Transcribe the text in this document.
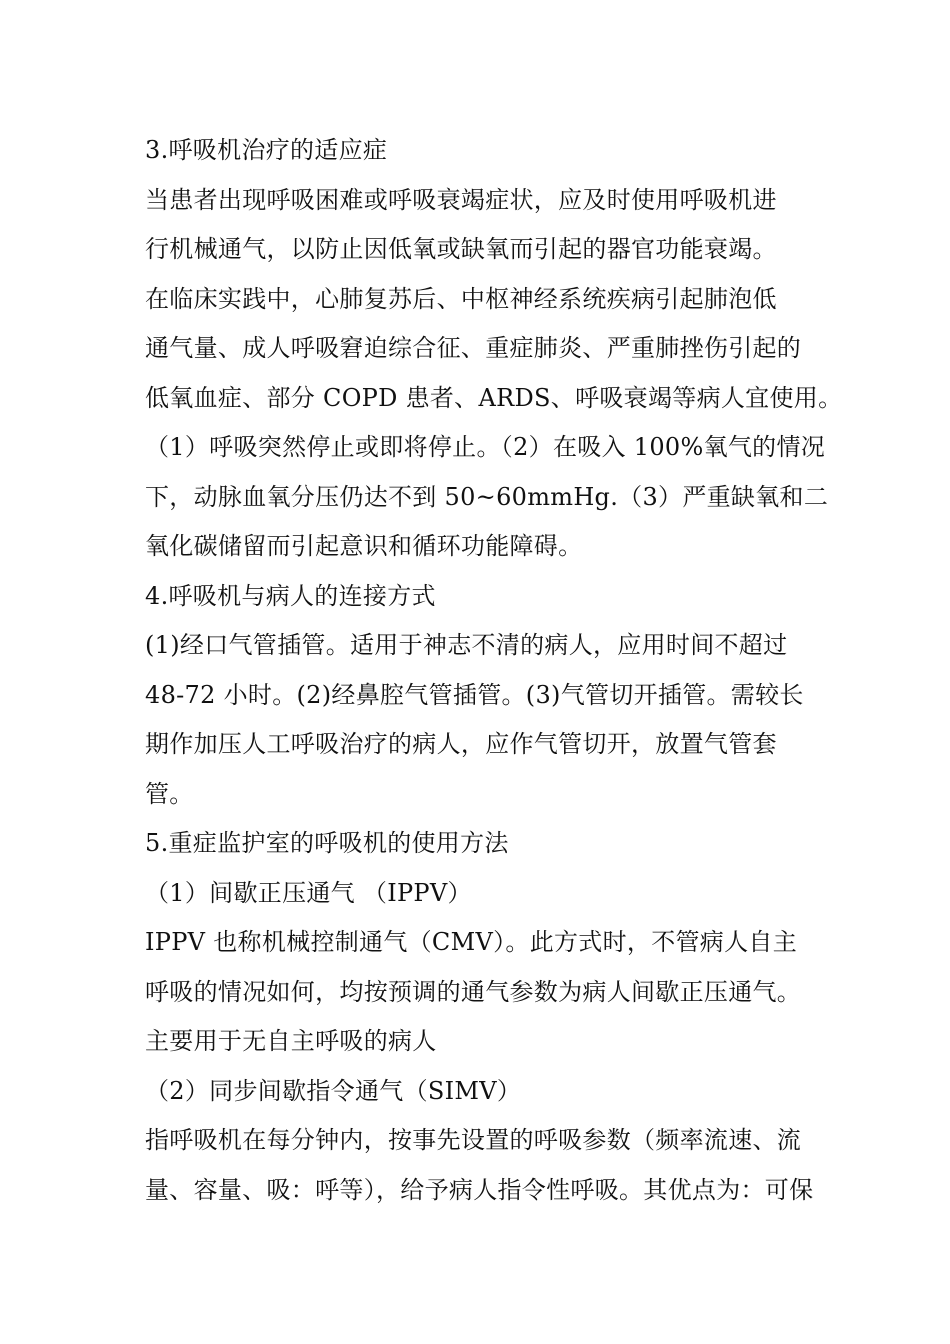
3.呼吸机治疗的适应症
当患者出现呼吸困难或呼吸衰竭症状，应及时使用呼吸机进
行机械通气，以防止因低氧或缺氧而引起的器官功能衰竭。
在临床实践中，心肺复苏后、中枢神经系统疾病引起肺泡低
通气量、成人呼吸窘迫综合征、重症肺炎、严重肺挫伤引起的
低氧血症、部分 COPD 患者、ARDS、呼吸衰竭等病人宜使用。
（1）呼吸突然停止或即将停止。（2）在吸入 100%氧气的情况
下，动脉血氧分压仍达不到 50~60mmHg.（3）严重缺氧和二
氧化碳储留而引起意识和循环功能障碍。
4.呼吸机与病人的连接方式
(1)经口气管插管。适用于神志不清的病人，应用时间不超过
48-72 小时。(2)经鼻腔气管插管。(3)气管切开插管。需较长
期作加压人工呼吸治疗的病人，应作气管切开，放置气管套
管。
5.重症监护室的呼吸机的使用方法
（1）间歇正压通气 （IPPV）
IPPV 也称机械控制通气（CMV）。此方式时，不管病人自主
呼吸的情况如何，均按预调的通气参数为病人间歇正压通气。
主要用于无自主呼吸的病人
（2）同步间歇指令通气（SIMV）
指呼吸机在每分钟内，按事先设置的呼吸参数（频率流速、流
量、容量、吸：呼等），给予病人指令性呼吸。其优点为：可保
